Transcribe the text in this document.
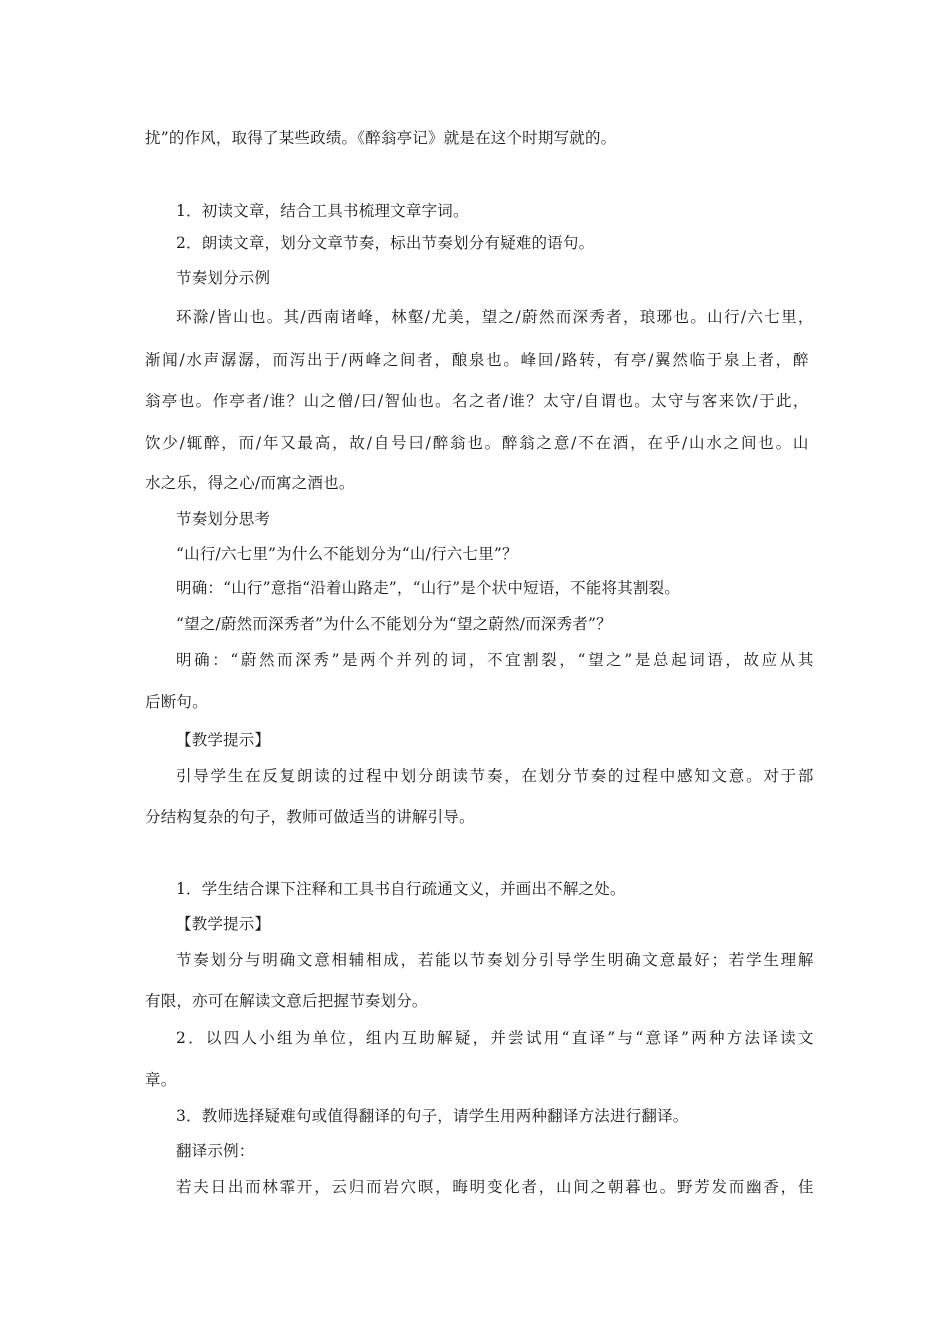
扰”的作风，取得了某些政绩。《醉翁亭记》就是在这个时期写就的。
1．初读文章，结合工具书梳理文章字词。
2．朗读文章，划分文章节奏，标出节奏划分有疑难的语句。
节奏划分示例
环滁/皆山也。其/西南诸峰，林壑/尤美，望之/蔚然而深秀者，琅琊也。山行/六七里，
渐闻/水声潺潺，而泻出于/两峰之间者，酿泉也。峰回/路转，有亭/翼然临于泉上者，醉
翁亭也。作亭者/谁？山之僧/曰/智仙也。名之者/谁？太守/自谓也。太守与客来饮/于此，
饮少/辄醉，而/年又最高，故/自号曰/醉翁也。醉翁之意/不在酒，在乎/山水之间也。山
水之乐，得之心/而寓之酒也。
节奏划分思考
“山行/六七里”为什么不能划分为“山/行六七里”？
明确：“山行”意指“沿着山路走”，“山行”是个状中短语，不能将其割裂。
“望之/蔚然而深秀者”为什么不能划分为“望之蔚然/而深秀者”？
明确：“蔚然而深秀”是两个并列的词，不宜割裂，“望之”是总起词语，故应从其
后断句。
【教学提示】
引导学生在反复朗读的过程中划分朗读节奏，在划分节奏的过程中感知文意。对于部
分结构复杂的句子，教师可做适当的讲解引导。
1．学生结合课下注释和工具书自行疏通文义，并画出不解之处。
【教学提示】
节奏划分与明确文意相辅相成，若能以节奏划分引导学生明确文意最好；若学生理解
有限，亦可在解读文意后把握节奏划分。
2．以四人小组为单位，组内互助解疑，并尝试用“直译”与“意译”两种方法译读文
章。
3．教师选择疑难句或值得翻译的句子，请学生用两种翻译方法进行翻译。
翻译示例：
若夫日出而林霏开，云归而岩穴暝，晦明变化者，山间之朝暮也。野芳发而幽香，佳
